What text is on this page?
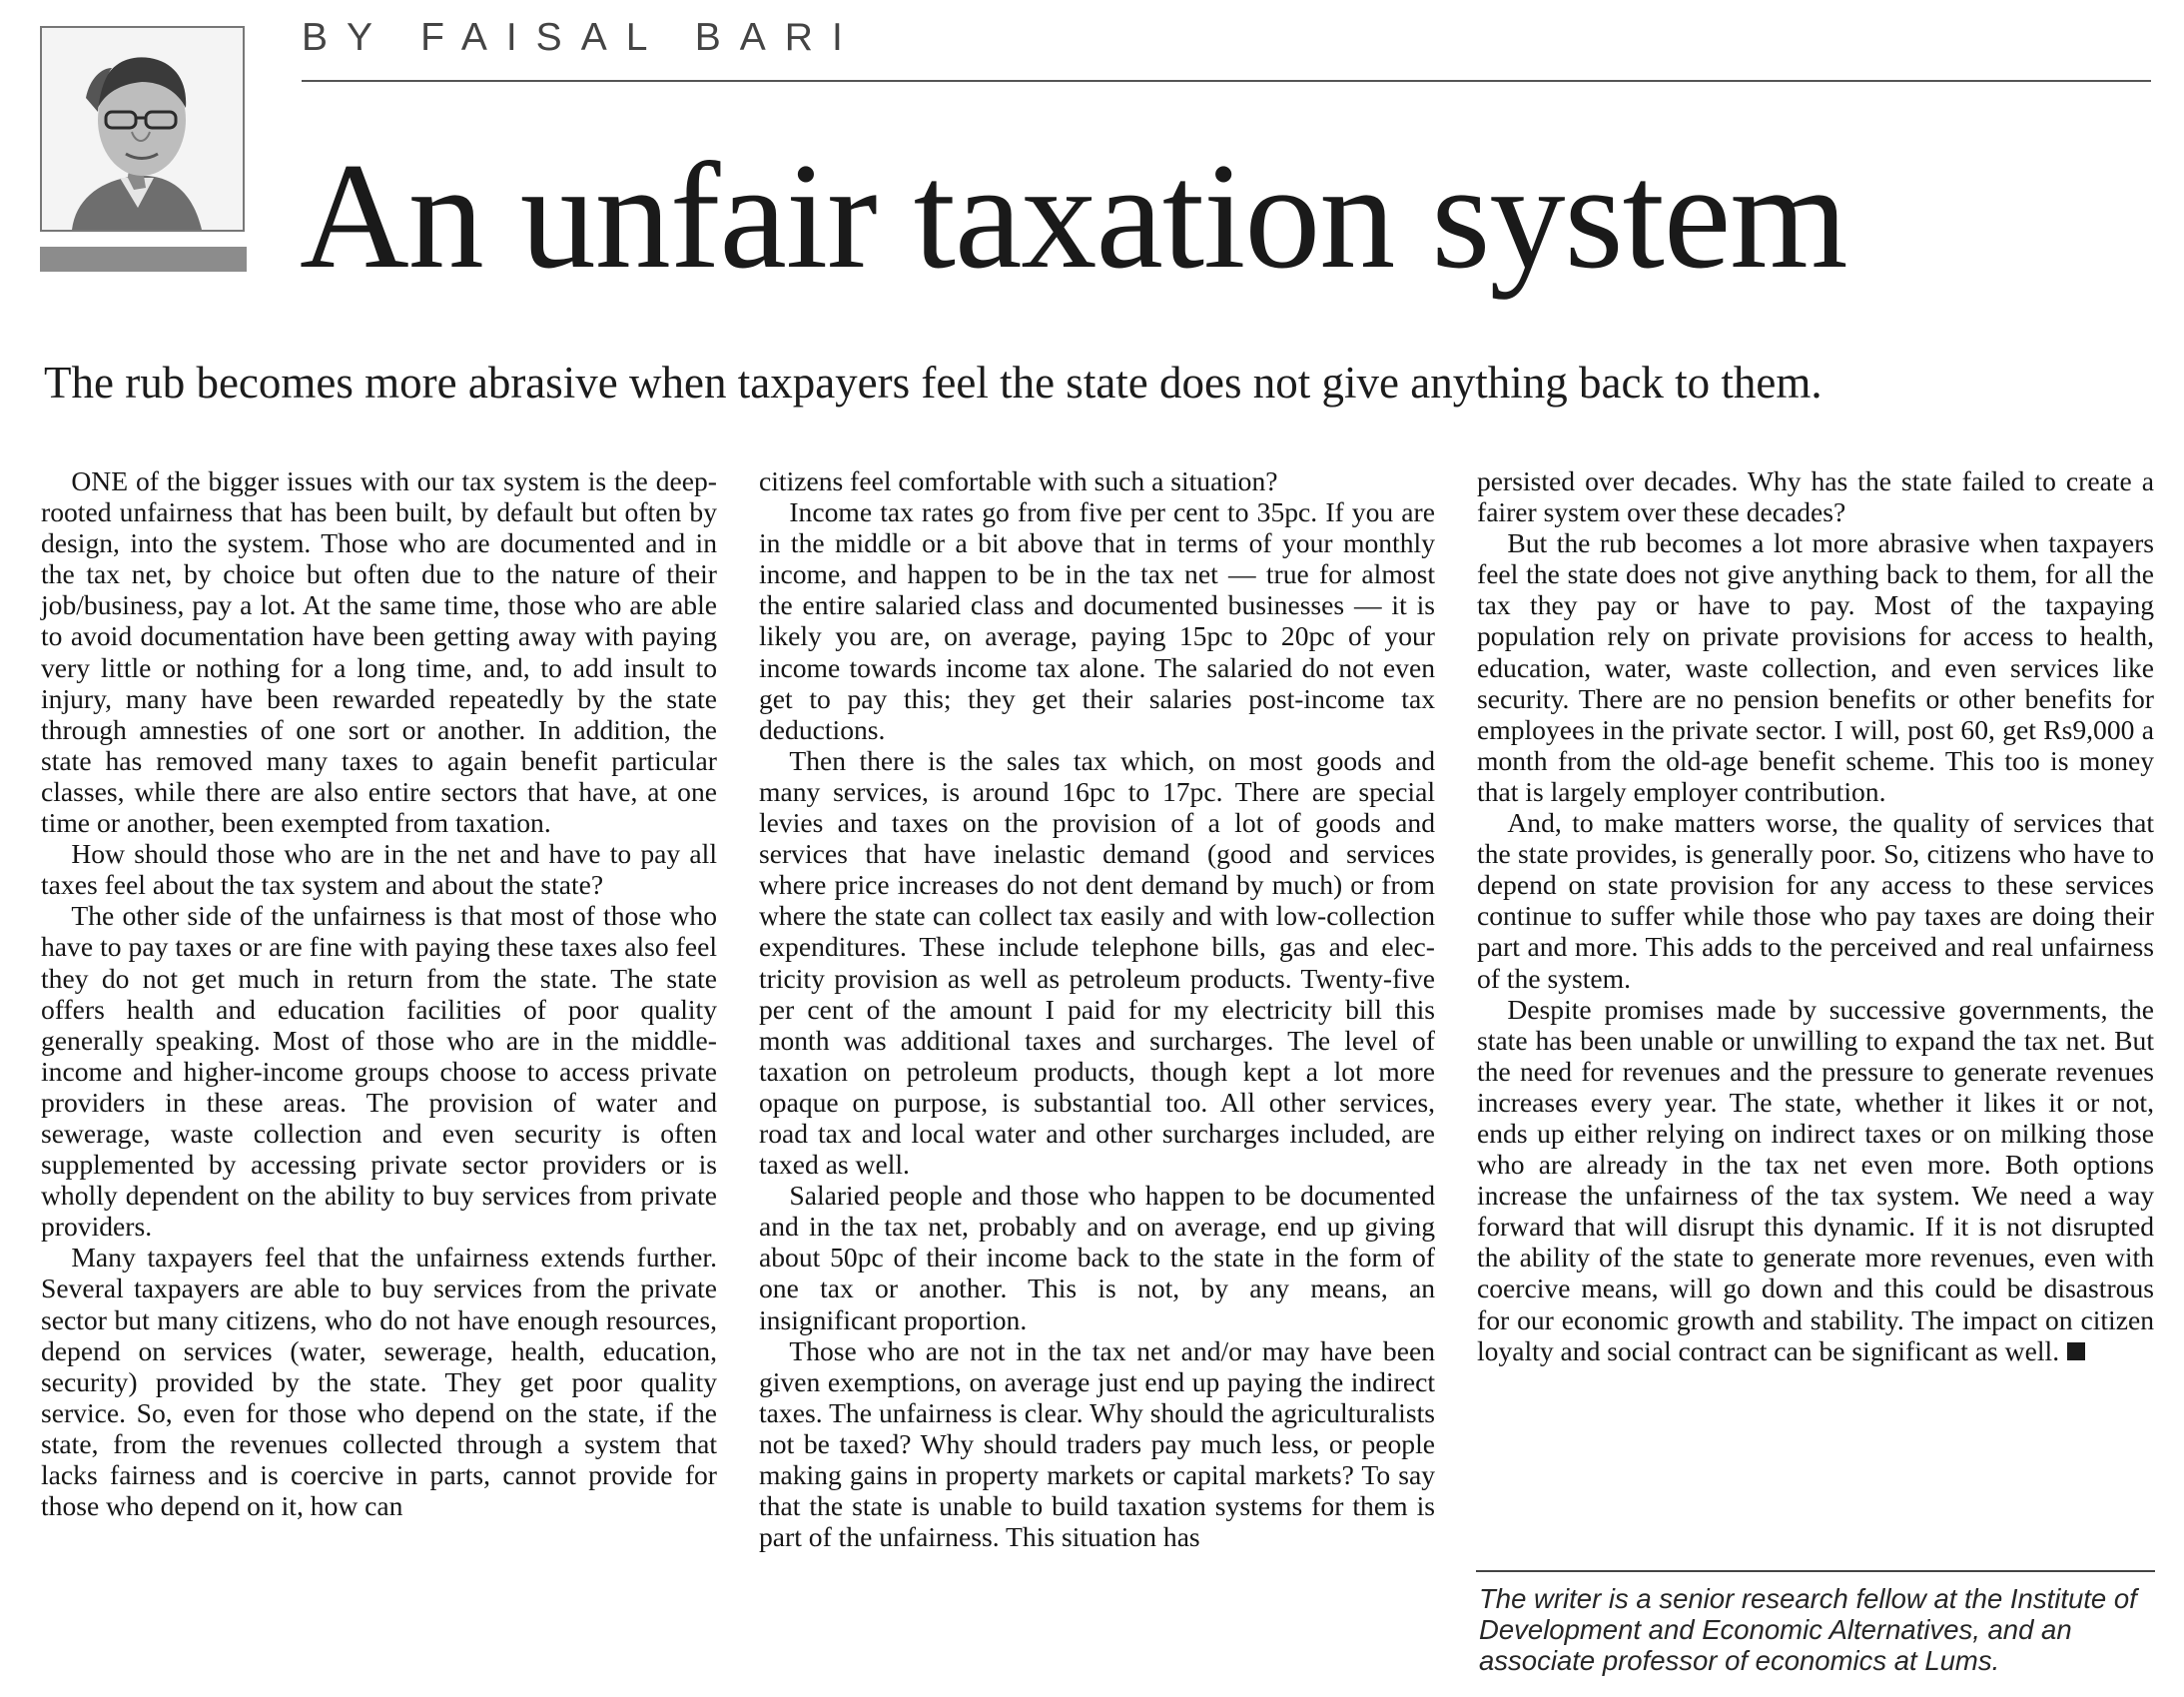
BY FAISAL BARI
An unfair taxation system

The rub becomes more abrasive when taxpayers feel the state does not give anything back to them.

ONE of the bigger issues with our tax system is the deep-rooted unfairness that has been built, by default but often by design, into the system. Those who are documented and in the tax net, by choice but often due to the nature of their job/business, pay a lot. At the same time, those who are able to avoid documentation have been getting away with paying very little or nothing for a long time, and, to add insult to injury, many have been rewarded repeatedly by the state through amnesties of one sort or another. In addition, the state has removed many taxes to again benefit particular classes, while there are also entire sectors that have, at one time or another, been exempted from taxation.

How should those who are in the net and have to pay all taxes feel about the tax system and about the state?

The other side of the unfairness is that most of those who have to pay taxes or are fine with paying these taxes also feel they do not get much in return from the state. The state offers health and education facilities of poor quality generally speaking. Most of those who are in the middle-income and higher-income groups choose to access private providers in these areas. The provision of water and sewerage, waste collection and even security is often supplemented by accessing private sector providers or is wholly dependent on the ability to buy services from private providers.

Many taxpayers feel that the unfairness extends further. Several taxpayers are able to buy services from the private sector but many citizens, who do not have enough resources, depend on services (water, sewerage, health, education, security) provided by the state. They get poor quality service. So, even for those who depend on the state, if the state, from the revenues collected through a system that lacks fairness and is coercive in parts, cannot provide for those who depend on it, how can

citizens feel comfortable with such a situation?

Income tax rates go from five per cent to 35pc. If you are in the middle or a bit above that in terms of your monthly income, and happen to be in the tax net — true for almost the entire salaried class and documented businesses — it is likely you are, on average, paying 15pc to 20pc of your income towards income tax alone. The salaried do not even get to pay this; they get their salaries post-income tax deductions.

Then there is the sales tax which, on most goods and many services, is around 16pc to 17pc. There are special levies and taxes on the provision of a lot of goods and services that have inelastic demand (good and services where price increases do not dent demand by much) or from where the state can collect tax easily and with low-collection expenditures. These include telephone bills, gas and electricity provision as well as petroleum products. Twenty-five per cent of the amount I paid for my electricity bill this month was additional taxes and surcharges. The level of taxation on petroleum products, though kept a lot more opaque on purpose, is substantial too. All other services, road tax and local water and other surcharges included, are taxed as well.

Salaried people and those who happen to be documented and in the tax net, probably and on average, end up giving about 50pc of their income back to the state in the form of one tax or another. This is not, by any means, an insignificant proportion.

Those who are not in the tax net and/or may have been given exemptions, on average just end up paying the indirect taxes. The unfairness is clear. Why should the agriculturalists not be taxed? Why should traders pay much less, or people making gains in property markets or capital markets? To say that the state is unable to build taxation systems for them is part of the unfairness. This situation has

persisted over decades. Why has the state failed to create a fairer system over these decades?

But the rub becomes a lot more abrasive when taxpayers feel the state does not give anything back to them, for all the tax they pay or have to pay. Most of the taxpaying population rely on private provisions for access to health, education, water, waste collection, and even services like security. There are no pension benefits or other benefits for employees in the private sector. I will, post 60, get Rs9,000 a month from the old-age benefit scheme. This too is money that is largely employer contribution.

And, to make matters worse, the quality of services that the state provides, is generally poor. So, citizens who have to depend on state provision for any access to these services continue to suffer while those who pay taxes are doing their part and more. This adds to the perceived and real unfairness of the system.

Despite promises made by successive governments, the state has been unable or unwilling to expand the tax net. But the need for revenues and the pressure to generate revenues increases every year. The state, whether it likes it or not, ends up either relying on indirect taxes or on milking those who are already in the tax net even more. Both options increase the unfairness of the tax system. We need a way forward that will disrupt this dynamic. If it is not disrupted the ability of the state to generate more revenues, even with coercive means, will go down and this could be disastrous for our economic growth and stability. The impact on citizen loyalty and social contract can be significant as well.

The writer is a senior research fellow at the Institute of Development and Economic Alternatives, and an associate professor of economics at Lums.
